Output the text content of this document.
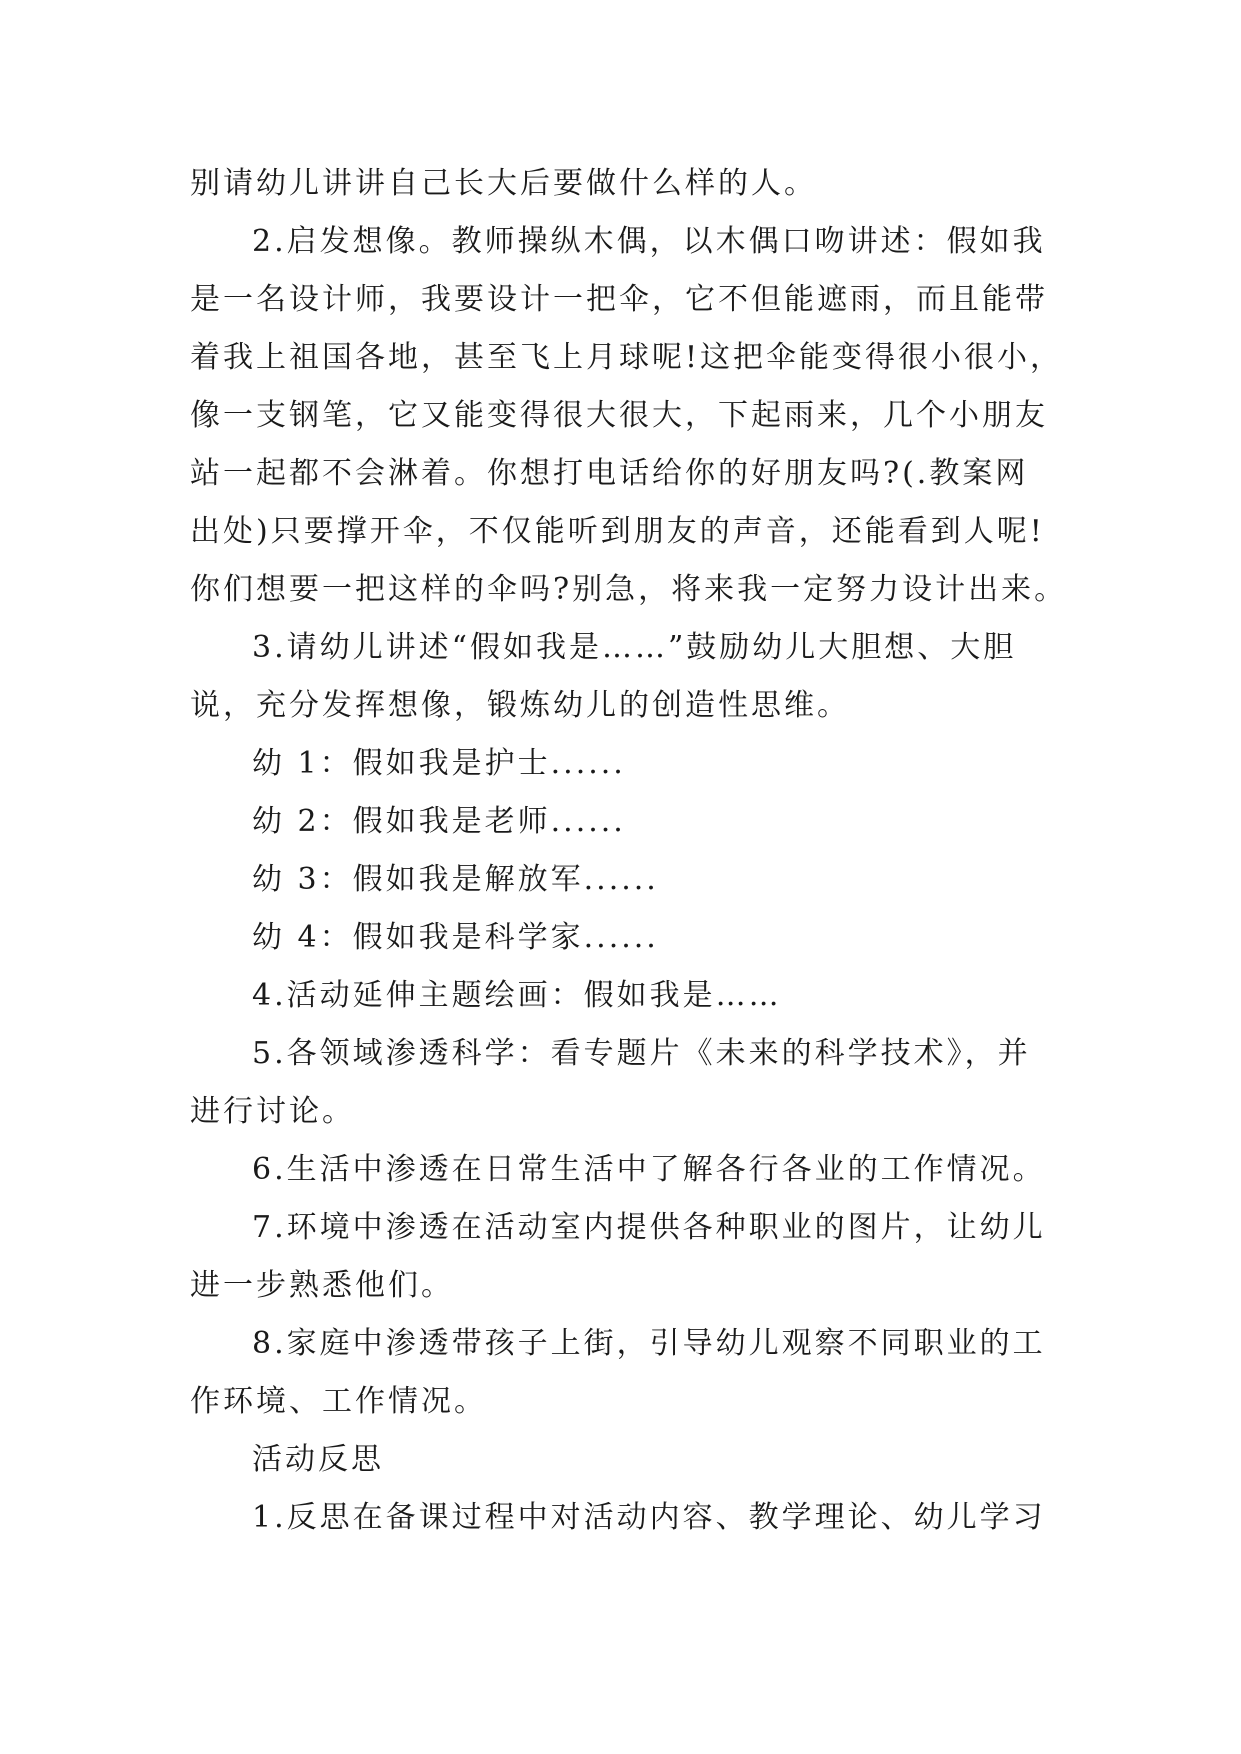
别请幼儿讲讲自己长大后要做什么样的人。
2.启发想像。教师操纵木偶，以木偶口吻讲述：假如我
是一名设计师，我要设计一把伞，它不但能遮雨，而且能带
着我上祖国各地，甚至飞上月球呢!这把伞能变得很小很小，
像一支钢笔，它又能变得很大很大，下起雨来，几个小朋友
站一起都不会淋着。你想打电话给你的好朋友吗?(.教案网
出处)只要撑开伞，不仅能听到朋友的声音，还能看到人呢!
你们想要一把这样的伞吗?别急，将来我一定努力设计出来。
3.请幼儿讲述“假如我是……”鼓励幼儿大胆想、大胆
说，充分发挥想像，锻炼幼儿的创造性思维。
幼 1：假如我是护士......
幼 2：假如我是老师......
幼 3：假如我是解放军......
幼 4：假如我是科学家......
4.活动延伸主题绘画：假如我是……
5.各领域渗透科学：看专题片《未来的科学技术》，并
进行讨论。
6.生活中渗透在日常生活中了解各行各业的工作情况。
7.环境中渗透在活动室内提供各种职业的图片，让幼儿
进一步熟悉他们。
8.家庭中渗透带孩子上街，引导幼儿观察不同职业的工
作环境、工作情况。
活动反思
1.反思在备课过程中对活动内容、教学理论、幼儿学习
